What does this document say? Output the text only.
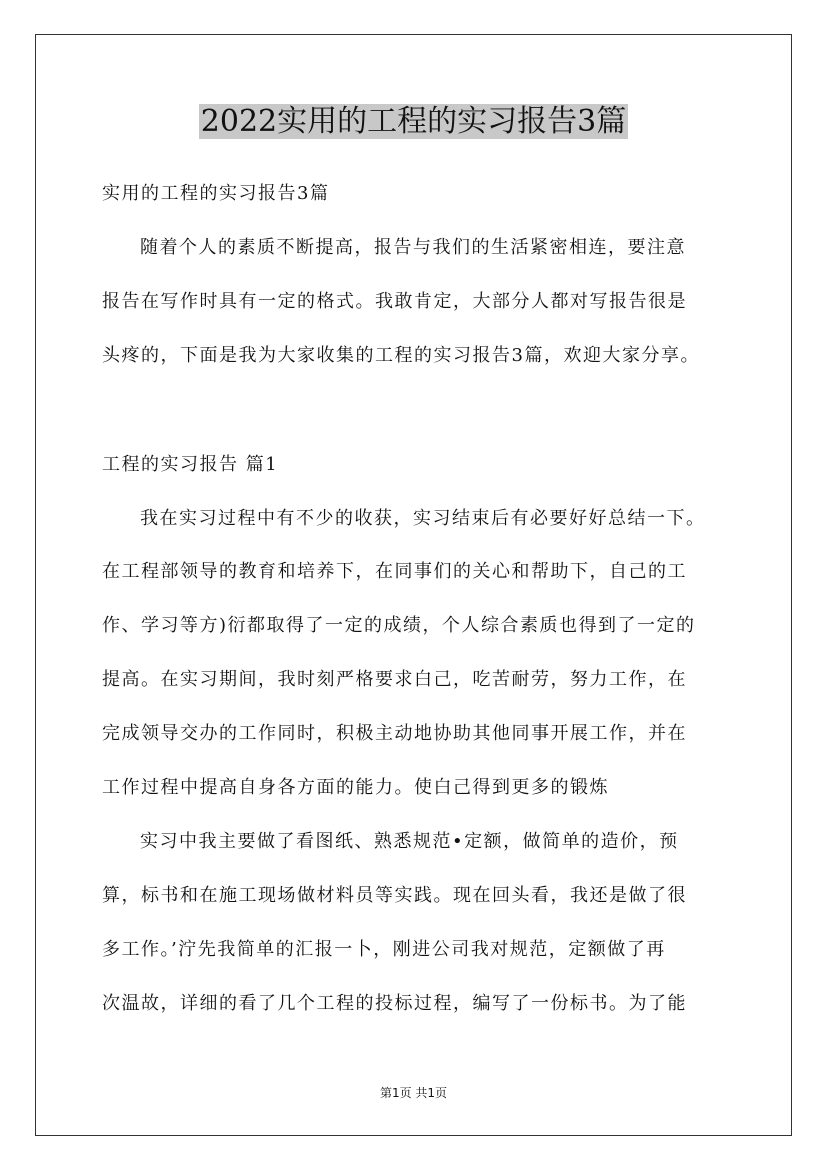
2022实用的工程的实习报告3篇
实用的工程的实习报告3篇
随着个人的素质不断提高，报告与我们的生活紧密相连，要注意
报告在写作时具有一定的格式。我敢肯定，大部分人都对写报告很是
头疼的，下面是我为大家收集的工程的实习报告3篇，欢迎大家分享。
工程的实习报告 篇1
我在实习过程中有不少的收获，实习结束后有必要好好总结一下。
在工程部领导的教育和培养下，在同事们的关心和帮助下，自己的工
作、学习等方)衍都取得了一定的成绩，个人综合素质也得到了一定的
提高。在实习期间，我时刻严格要求白己，吃苦耐劳，努力工作，在
完成领导交办的工作同时，积极主动地协助其他同事开展工作，并在
工作过程中提高自身各方面的能力。使白己得到更多的锻炼
实习中我主要做了看图纸、熟悉规范•定额，做简单的造价，预
算，标书和在施工现场做材料员等实践。现在回头看，我还是做了很
多工作。’泞先我简单的汇报一卜，刚进公司我对规范，定额做了再
次温故，详细的看了几个工程的投标过程，编写了一份标书。为了能
第1页 共1页
